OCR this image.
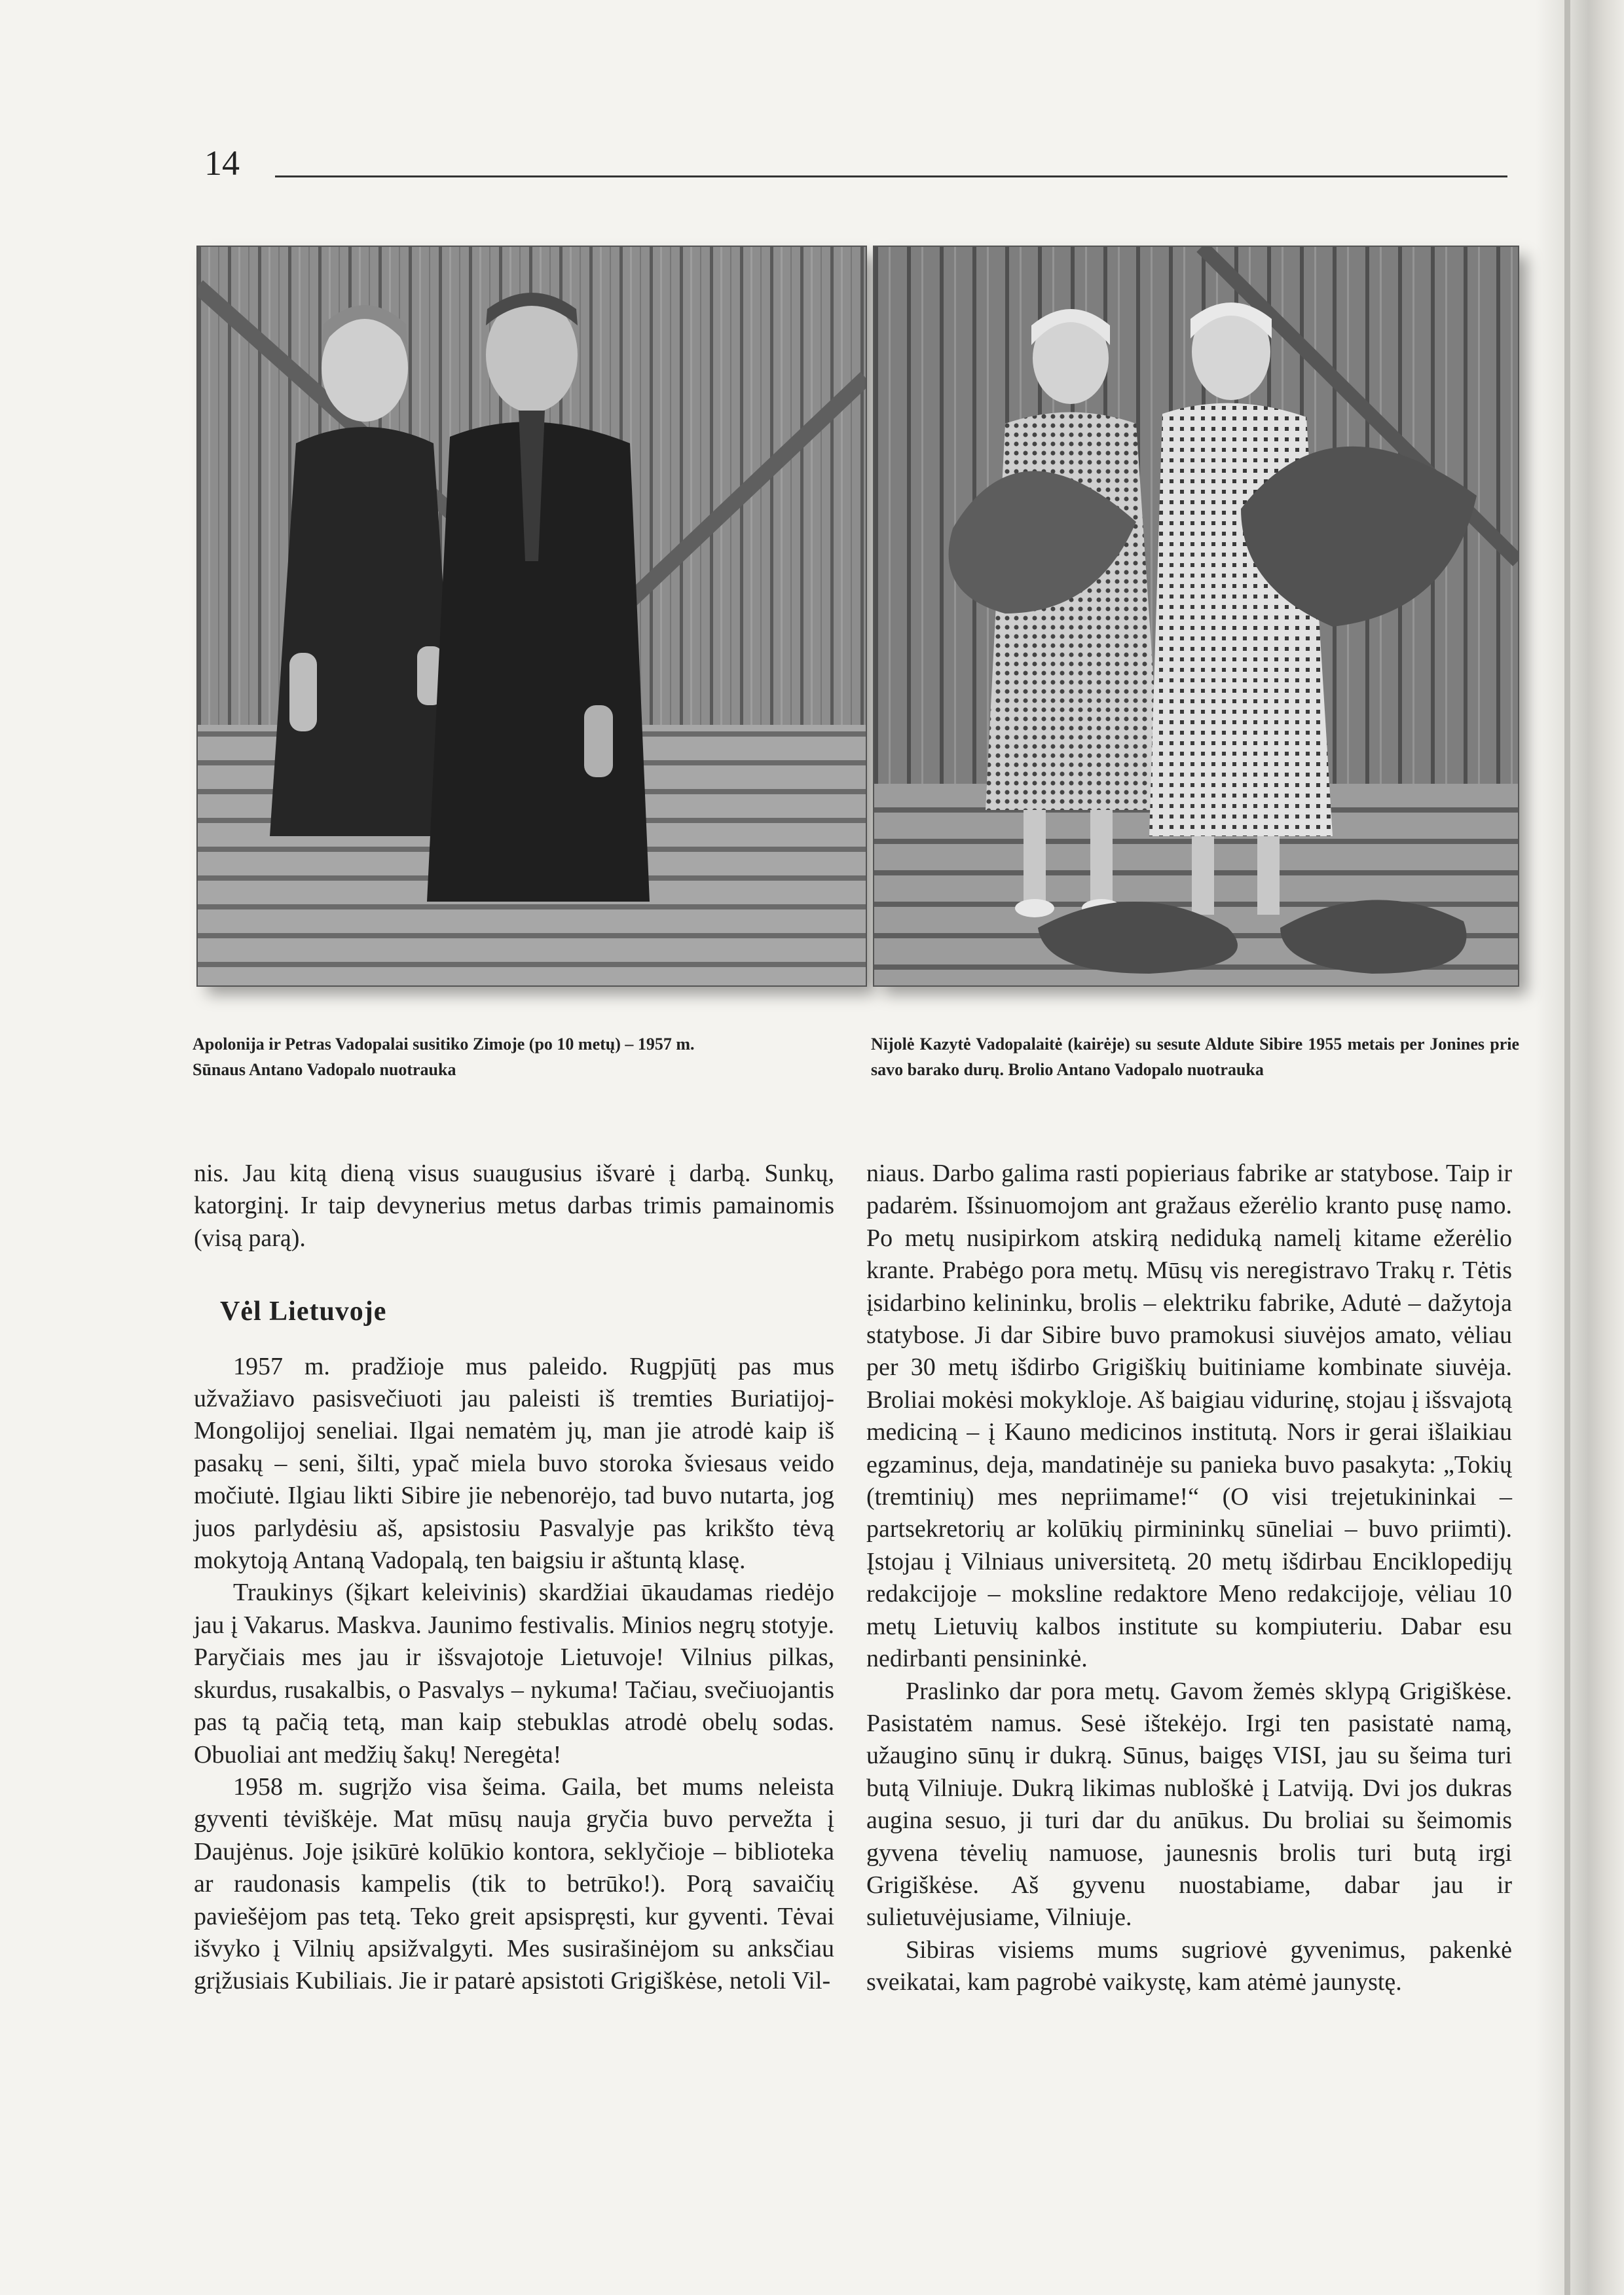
14
Apolonija ir Petras Vadopalai susitiko Zimoje (po 10 metų) – 1957 m.
Sūnaus Antano Vadopalo nuotrauka
Nijolė Kazytė Vadopalaitė (kairėje) su sesute Aldute Sibire 1955 metais per Jonines prie savo barako durų. Brolio Antano Vadopalo nuotrauka

nis. Jau kitą dieną visus suaugusius išvarė į darbą. Sunkų, katorginį. Ir taip devynerius metus darbas trimis pamainomis (visą parą).

Vėl Lietuvoje

1957 m. pradžioje mus paleido. Rugpjūtį pas mus užvažiavo pasisvečiuoti jau paleisti iš tremties Buriatijoj-Mongolijoj seneliai. Ilgai nematėm jų, man jie atrodė kaip iš pasakų – seni, šilti, ypač miela buvo storoka šviesaus veido močiutė. Ilgiau likti Sibire jie nebenorėjo, tad buvo nutarta, jog juos parlydėsiu aš, apsistosiu Pasvalyje pas krikšto tėvą mokytoją Antaną Vadopalą, ten baigsiu ir aštuntą klasę.

Traukinys (šįkart keleivinis) skardžiai ūkaudamas riedėjo jau į Vakarus. Maskva. Jaunimo festivalis. Minios negrų stotyje. Paryčiais mes jau ir išsvajotoje Lietuvoje! Vilnius pilkas, skurdus, rusakalbis, o Pasvalys – nykuma! Tačiau, svečiuojantis pas tą pačią tetą, man kaip stebuklas atrodė obelų sodas. Obuoliai ant medžių šakų! Neregėta!

1958 m. sugrįžo visa šeima. Gaila, bet mums neleista gyventi tėviškėje. Mat mūsų nauja gryčia buvo pervežta į Daujėnus. Joje įsikūrė kolūkio kontora, seklyčioje – biblioteka ar raudonasis kampelis (tik to betrūko!). Porą savaičių paviešėjom pas tetą. Teko greit apsispręsti, kur gyventi. Tėvai išvyko į Vilnių apsižvalgyti. Mes susirašinėjom su anksčiau grįžusiais Kubiliais. Jie ir patarė apsistoti Grigiškėse, netoli Vil-

niaus. Darbo galima rasti popieriaus fabrike ar statybose. Taip ir padarėm. Išsinuomojom ant gražaus ežerėlio kranto pusę namo. Po metų nusipirkom atskirą nediduką namelį kitame ežerėlio krante. Prabėgo pora metų. Mūsų vis neregistravo Trakų r. Tėtis įsidarbino kelininku, brolis – elektriku fabrike, Adutė – dažytoja statybose. Ji dar Sibire buvo pramokusi siuvėjos amato, vėliau per 30 metų išdirbo Grigiškių buitiniame kombinate siuvėja. Broliai mokėsi mokykloje. Aš baigiau vidurinę, stojau į išsvajotą mediciną – į Kauno medicinos institutą. Nors ir gerai išlaikiau egzaminus, deja, mandatinėje su panieka buvo pasakyta: „Tokių (tremtinių) mes nepriimame!“ (O visi trejetukininkai – partsekretorių ar kolūkių pirmininkų sūneliai – buvo priimti). Įstojau į Vilniaus universitetą. 20 metų išdirbau Enciklopedijų redakcijoje – moksline redaktore Meno redakcijoje, vėliau 10 metų Lietuvių kalbos institute su kompiuteriu. Dabar esu nedirbanti pensininkė.

Praslinko dar pora metų. Gavom žemės sklypą Grigiškėse. Pasistatėm namus. Sesė ištekėjo. Irgi ten pasistatė namą, užaugino sūnų ir dukrą. Sūnus, baigęs VISI, jau su šeima turi butą Vilniuje. Dukrą likimas nubloškė į Latviją. Dvi jos dukras augina sesuo, ji turi dar du anūkus. Du broliai su šeimomis gyvena tėvelių namuose, jaunesnis brolis turi butą irgi Grigiškėse. Aš gyvenu nuostabiame, dabar jau ir sulietuvėjusiame, Vilniuje.

Sibiras visiems mums sugriovė gyvenimus, pakenkė sveikatai, kam pagrobė vaikystę, kam atėmė jaunystę.
